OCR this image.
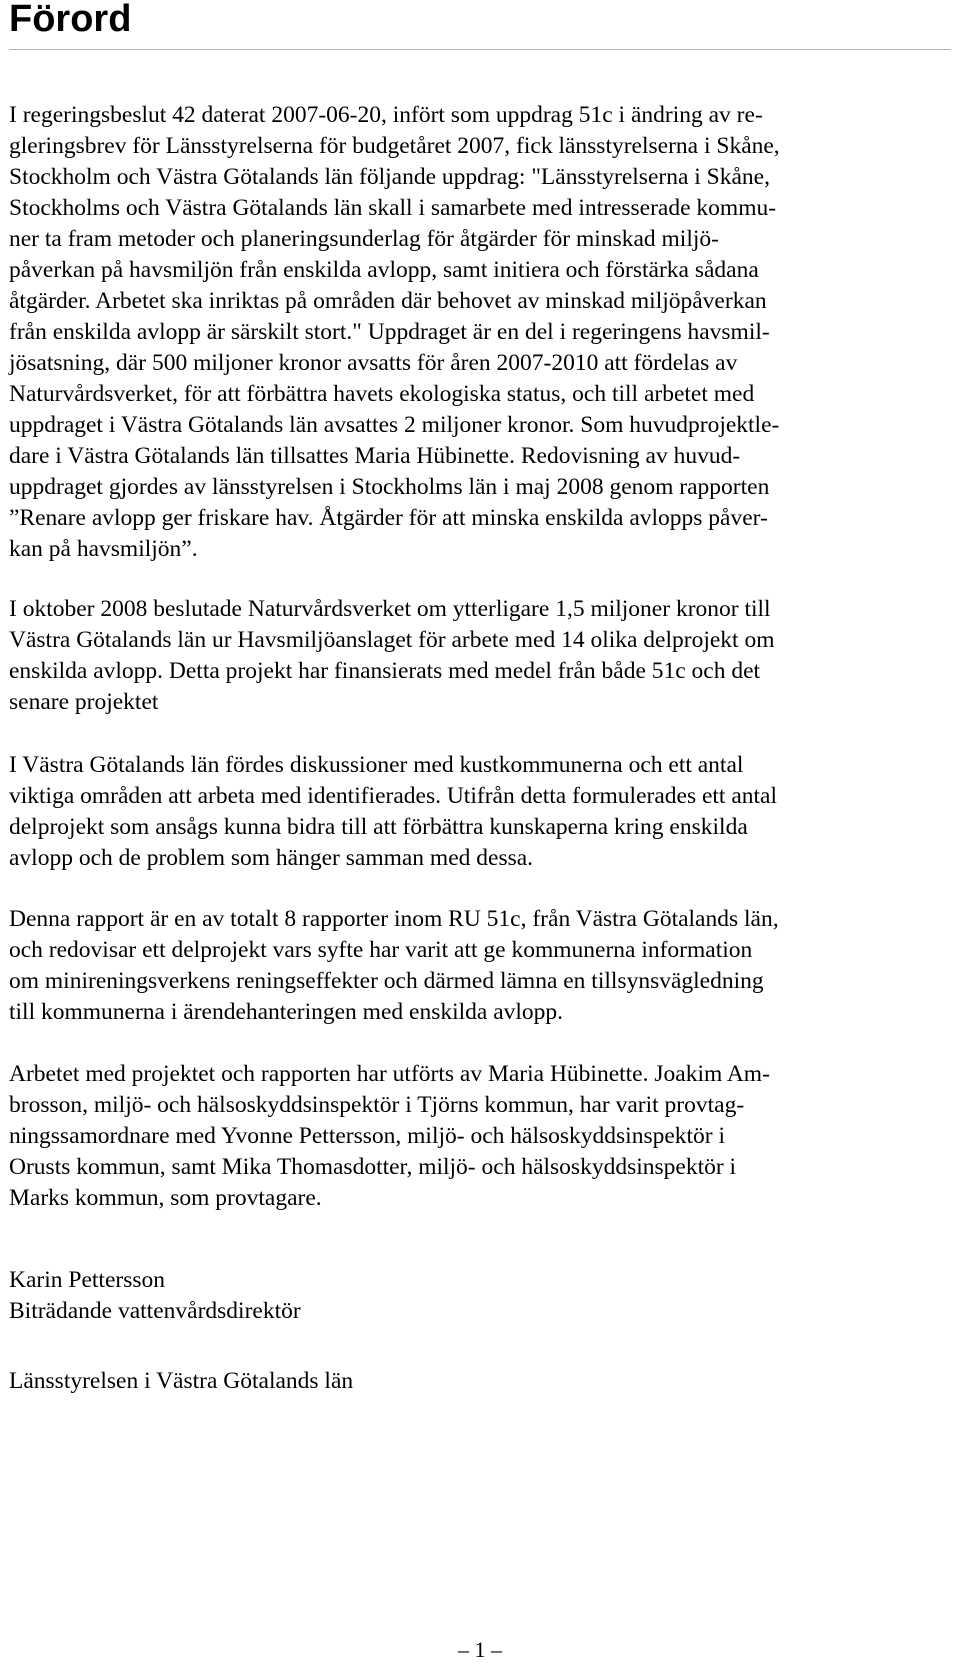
Förord

I regeringsbeslut 42 daterat 2007-06-20, infört som uppdrag 51c i ändring av re-
gleringsbrev för Länsstyrelserna för budgetåret 2007, fick länsstyrelserna i Skåne,
Stockholm och Västra Götalands län följande uppdrag: "Länsstyrelserna i Skåne,
Stockholms och Västra Götalands län skall i samarbete med intresserade kommu-
ner ta fram metoder och planeringsunderlag för åtgärder för minskad miljö-
påverkan på havsmiljön från enskilda avlopp, samt initiera och förstärka sådana
åtgärder. Arbetet ska inriktas på områden där behovet av minskad miljöpåverkan
från enskilda avlopp är särskilt stort." Uppdraget är en del i regeringens havsmil-
jösatsning, där 500 miljoner kronor avsatts för åren 2007-2010 att fördelas av
Naturvårdsverket, för att förbättra havets ekologiska status, och till arbetet med
uppdraget i Västra Götalands län avsattes 2 miljoner kronor. Som huvudprojektle-
dare i Västra Götalands län tillsattes Maria Hübinette. Redovisning av huvud-
uppdraget gjordes av länsstyrelsen i Stockholms län i maj 2008 genom rapporten
”Renare avlopp ger friskare hav. Åtgärder för att minska enskilda avlopps påver-
kan på havsmiljön”.

I oktober 2008 beslutade Naturvårdsverket om ytterligare 1,5 miljoner kronor till
Västra Götalands län ur Havsmiljöanslaget för arbete med 14 olika delprojekt om
enskilda avlopp. Detta projekt har finansierats med medel från både 51c och det
senare projektet

I Västra Götalands län fördes diskussioner med kustkommunerna och ett antal
viktiga områden att arbeta med identifierades. Utifrån detta formulerades ett antal
delprojekt som ansågs kunna bidra till att förbättra kunskaperna kring enskilda
avlopp och de problem som hänger samman med dessa.

Denna rapport är en av totalt 8 rapporter inom RU 51c, från Västra Götalands län,
och redovisar ett delprojekt vars syfte har varit att ge kommunerna information
om minireningsverkens reningseffekter och därmed lämna en tillsynsvägledning
till kommunerna i ärendehanteringen med enskilda avlopp.

Arbetet med projektet och rapporten har utförts av Maria Hübinette. Joakim Am-
brosson, miljö- och hälsoskyddsinspektör i Tjörns kommun, har varit provtag-
ningssamordnare med Yvonne Pettersson, miljö- och hälsoskyddsinspektör i
Orusts kommun, samt Mika Thomasdotter, miljö- och hälsoskyddsinspektör i
Marks kommun, som provtagare.

Karin Pettersson
Biträdande vattenvårdsdirektör
Länsstyrelsen i Västra Götalands län
– 1 –
